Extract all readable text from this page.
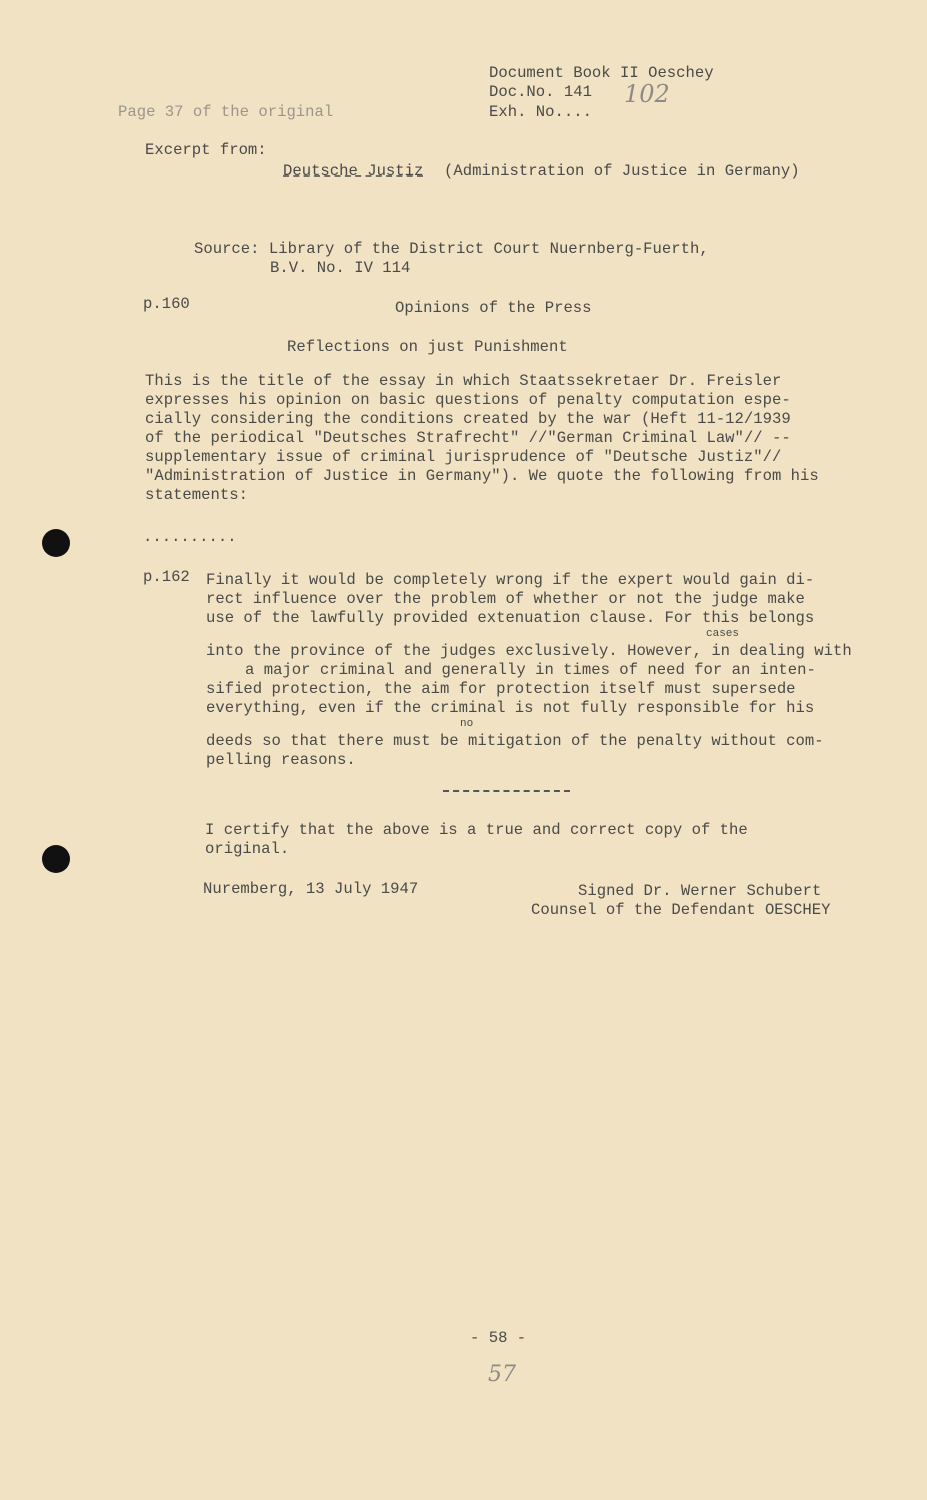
Document Book II Oeschey
Doc.No. 141 102
Exh. No....
Page 37 of the original
Excerpt from:
Deutsche Justiz (Administration of Justice in Germany)
Source: Library of the District Court Nuernberg-Fuerth,
B.V. No. IV 114
p.160	Opinions of the Press
Reflections on just Punishment
This is the title of the essay in which Staatssekretaer Dr. Freisler
expresses his opinion on basic questions of penalty computation espe-
cially considering the conditions created by the war (Heft 11-12/1939
of the periodical "Deutsches Strafrecht" //"German Criminal Law"// --
supplementary issue of criminal jurisprudence of "Deutsche Justiz"//
"Administration of Justice in Germany"). We quote the following from his
statements:
..........
p.162 Finally it would be completely wrong if the expert would gain di-
rect influence over the problem of whether or not the judge make
use of the lawfully provided extenuation clause. For this belongs
cases
into the province of the judges exclusively. However, in dealing with
a major criminal and generally in times of need for an inten-
sified protection, the aim for protection itself must supersede
everything, even if the criminal is not fully responsible for his
no
deeds so that there must be mitigation of the penalty without com-
pelling reasons.
I certify that the above is a true and correct copy of the
original.
Nuremberg, 13 July 1947	Signed Dr. Werner Schubert
Counsel of the Defendant OESCHEY
- 58 -
57
